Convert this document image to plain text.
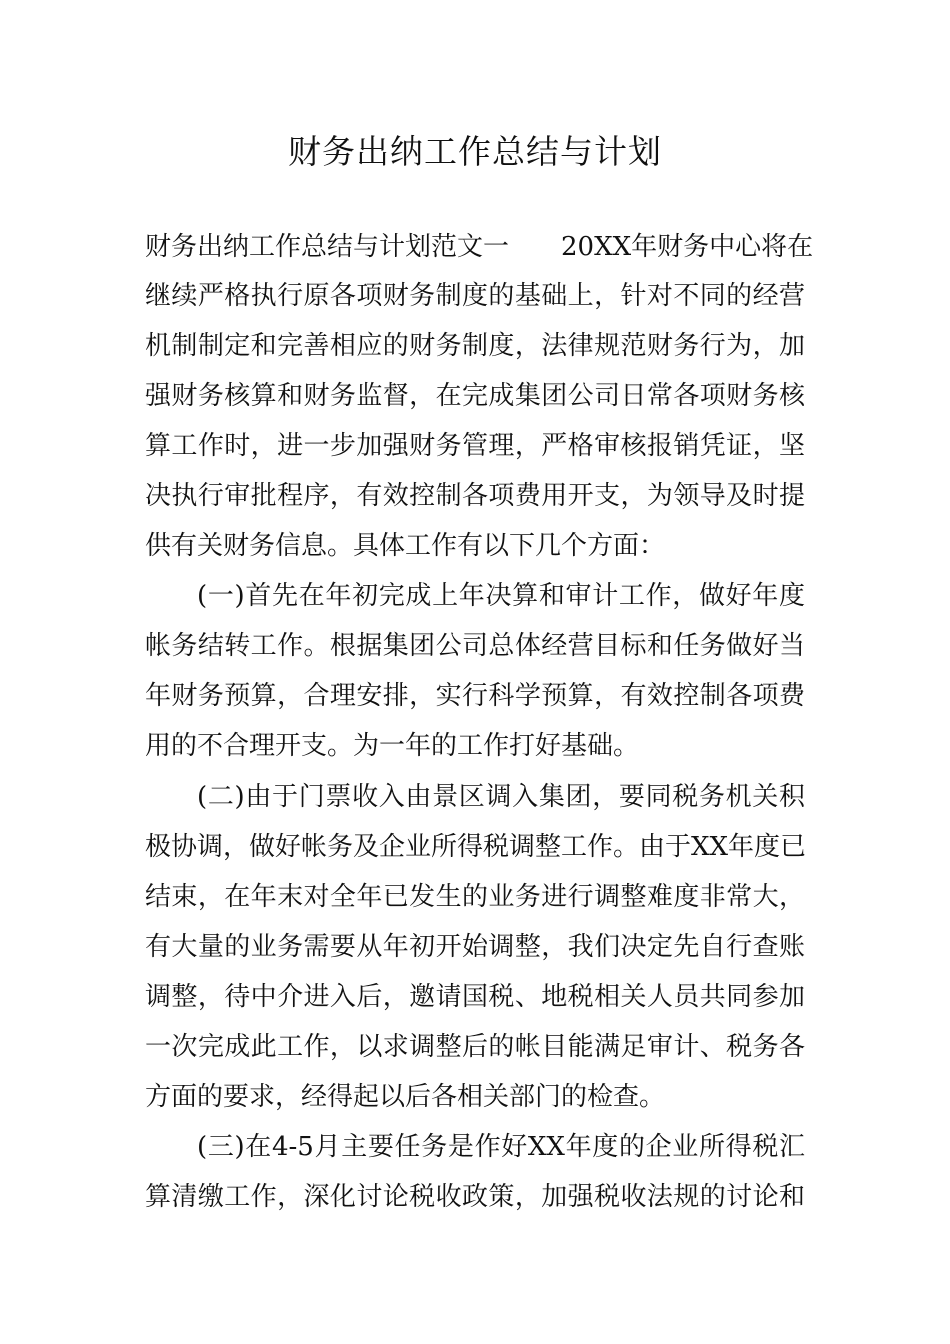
财务出纳工作总结与计划
财务出纳工作总结与计划范文一 20XX年财务中心将在
继续严格执行原各项财务制度的基础上，针对不同的经营
机制制定和完善相应的财务制度，法律规范财务行为，加
强财务核算和财务监督，在完成集团公司日常各项财务核
算工作时，进一步加强财务管理，严格审核报销凭证，坚
决执行审批程序，有效控制各项费用开支，为领导及时提
供有关财务信息。具体工作有以下几个方面：
(一)首先在年初完成上年决算和审计工作，做好年度
帐务结转工作。根据集团公司总体经营目标和任务做好当
年财务预算，合理安排，实行科学预算，有效控制各项费
用的不合理开支。为一年的工作打好基础。
(二)由于门票收入由景区调入集团，要同税务机关积
极协调，做好帐务及企业所得税调整工作。由于XX年度已
结束，在年末对全年已发生的业务进行调整难度非常大，
有大量的业务需要从年初开始调整，我们决定先自行查账
调整，待中介进入后，邀请国税、地税相关人员共同参加
一次完成此工作，以求调整后的帐目能满足审计、税务各
方面的要求，经得起以后各相关部门的检查。
(三)在4-5月主要任务是作好XX年度的企业所得税汇
算清缴工作，深化讨论税收政策，加强税收法规的讨论和
